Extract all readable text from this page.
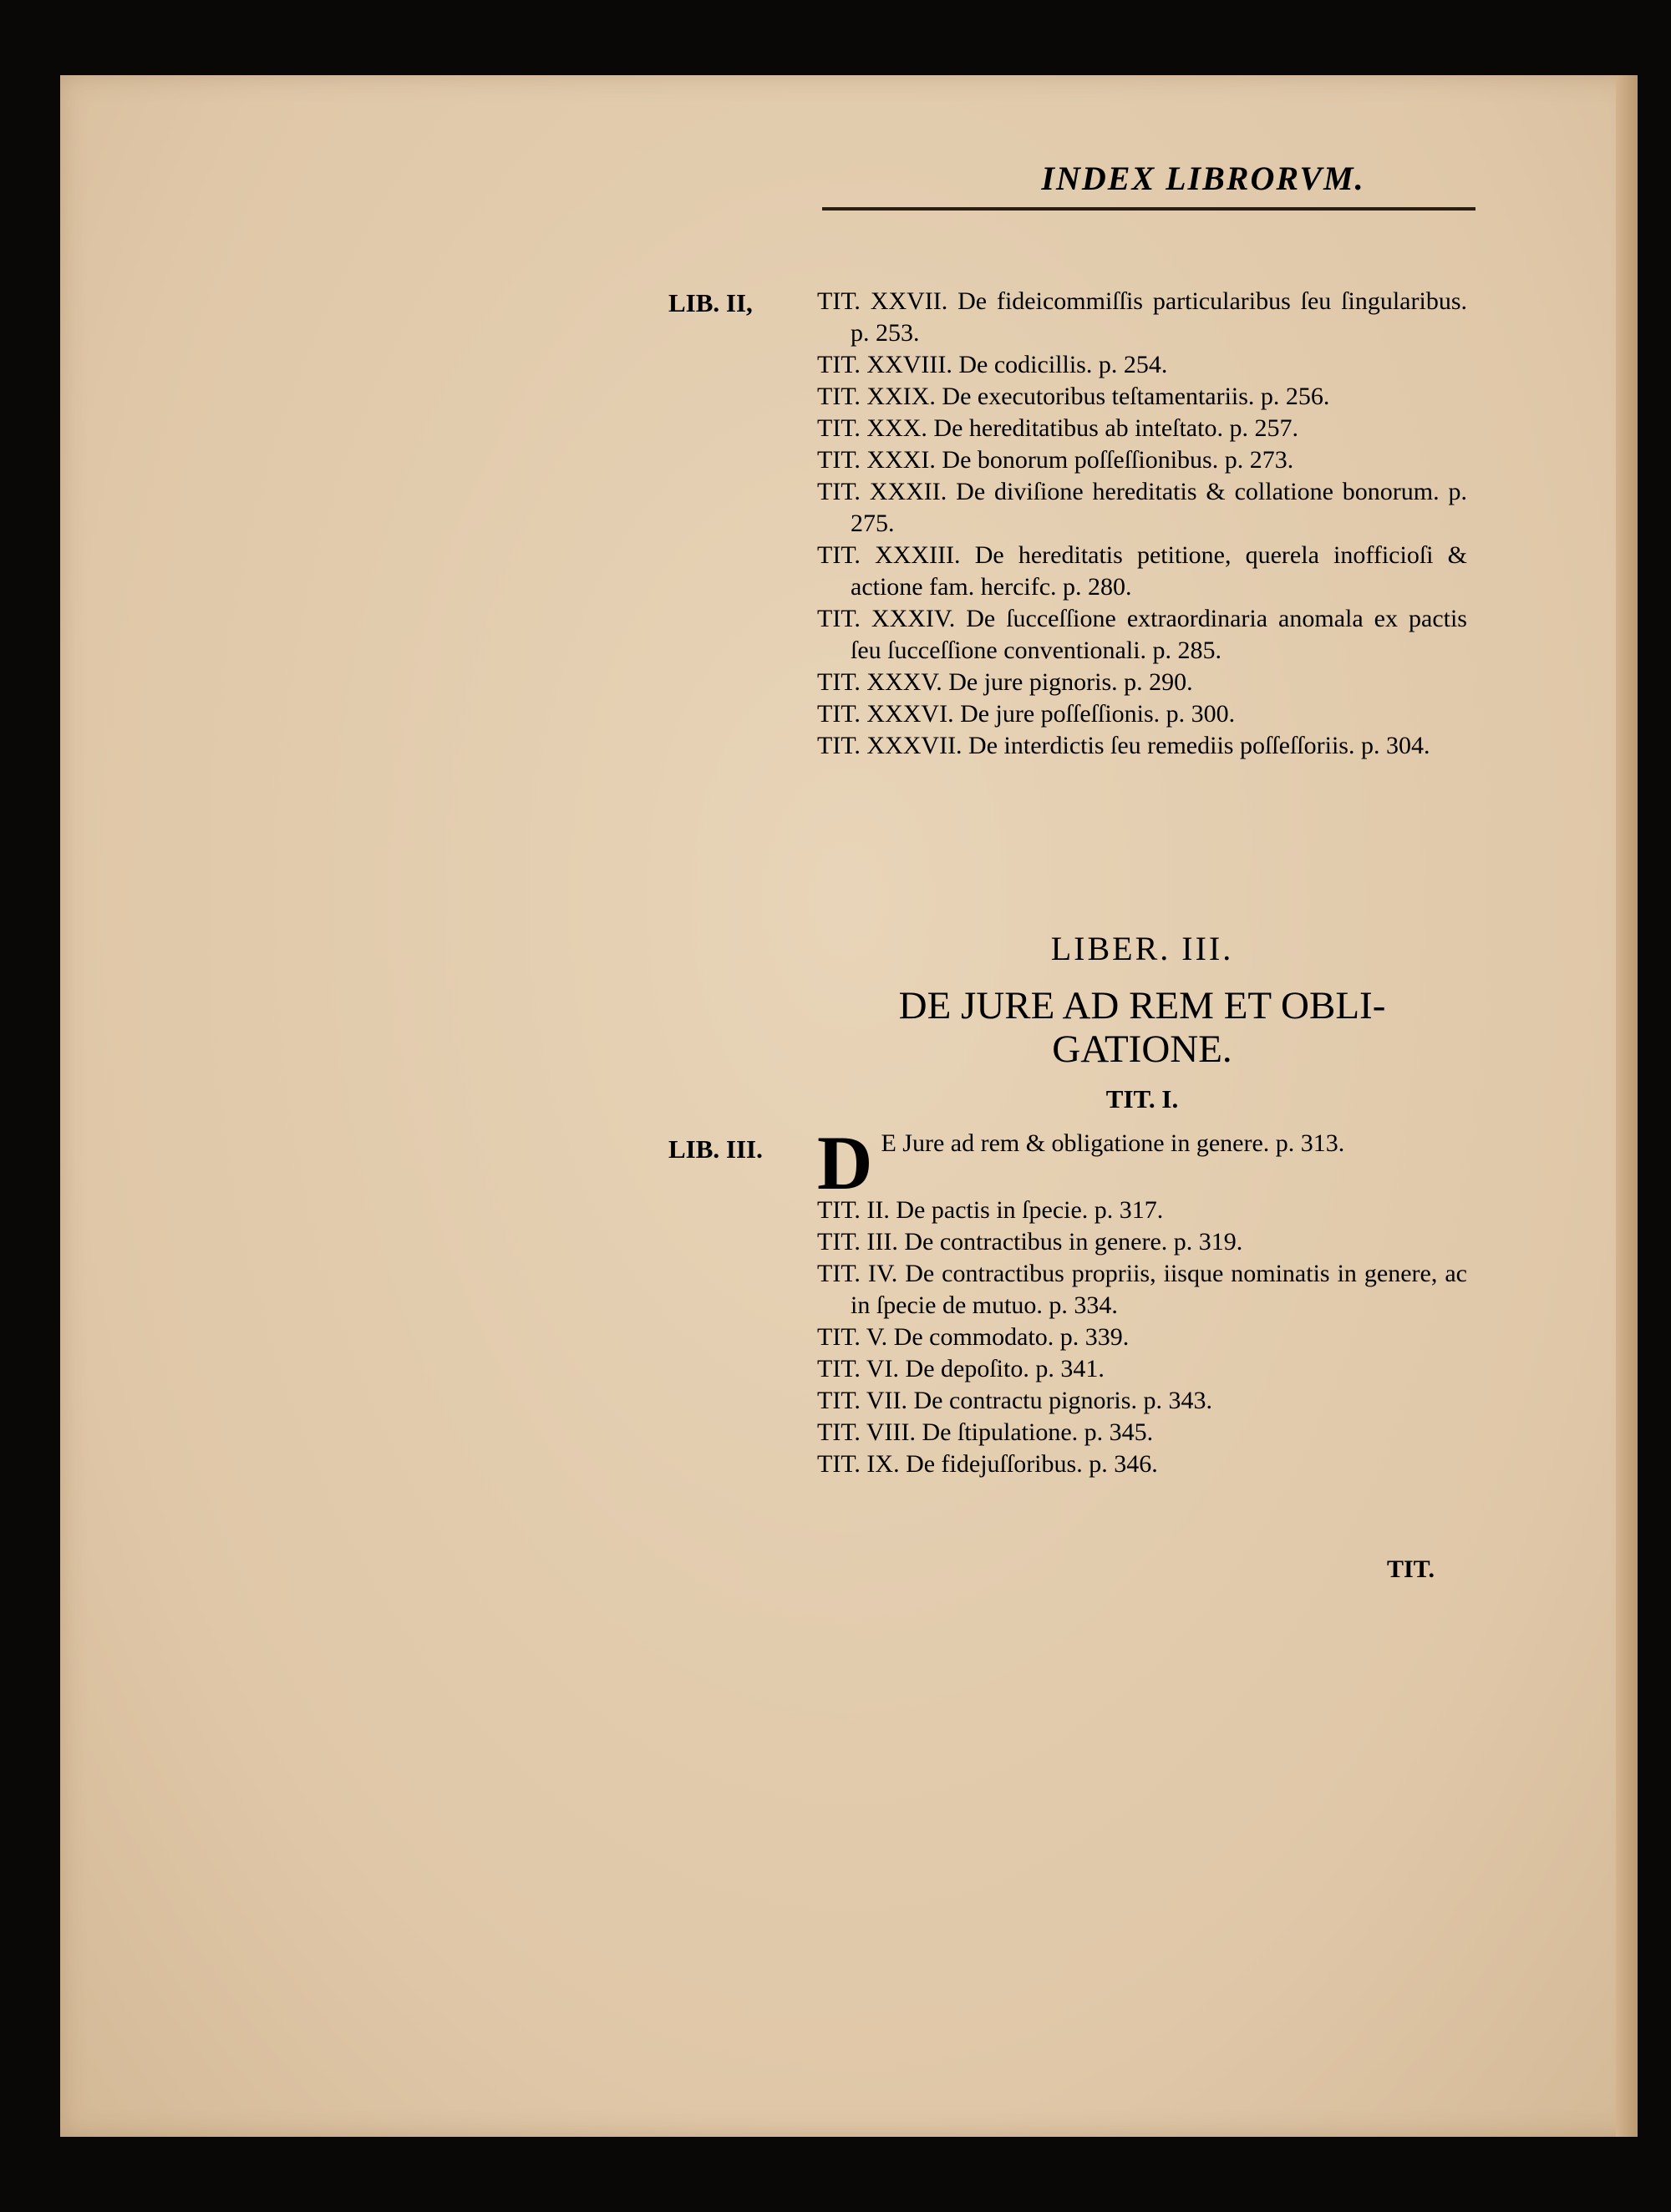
INDEX LIBRORVM.
LIB. II,	TIT. XXVII. De fideicommiſſis particularibus ſeu ſingularibus. p. 253.
TIT. XXVIII. De codicillis. p. 254.
TIT. XXIX. De executoribus teſtamentariis. p. 256.
TIT. XXX. De hereditatibus ab inteſtato. p. 257.
TIT. XXXI. De bonorum poſſeſſionibus. p. 273.
TIT. XXXII. De diviſione hereditatis & collatione bonorum. p. 275.
TIT. XXXIII. De hereditatis petitione, querela inofficioſi & actione fam. hercifc. p. 280.
TIT. XXXIV. De ſucceſſione extraordinaria anomala ex pactis ſeu ſucceſſione conventionali. p. 285.
TIT. XXXV. De jure pignoris. p. 290.
TIT. XXXVI. De jure poſſeſſionis. p. 300.
TIT. XXXVII. De interdictis ſeu remediis poſſeſſoriis. p. 304.
LIBER. III.
DE JURE AD REM ET OBLI-
GATIONE.
TIT. I.
LIB. III. D E Jure ad rem & obligatione in genere. p. 313.
TIT. II. De pactis in ſpecie. p. 317.
TIT. III. De contractibus in genere. p. 319.
TIT. IV. De contractibus propriis, iisque nominatis in genere, ac in ſpecie de mutuo. p. 334.
TIT. V. De commodato. p. 339.
TIT. VI. De depoſito. p. 341.
TIT. VII. De contractu pignoris. p. 343.
TIT. VIII. De ſtipulatione. p. 345.
TIT. IX. De fidejuſſoribus. p. 346.
TIT.
